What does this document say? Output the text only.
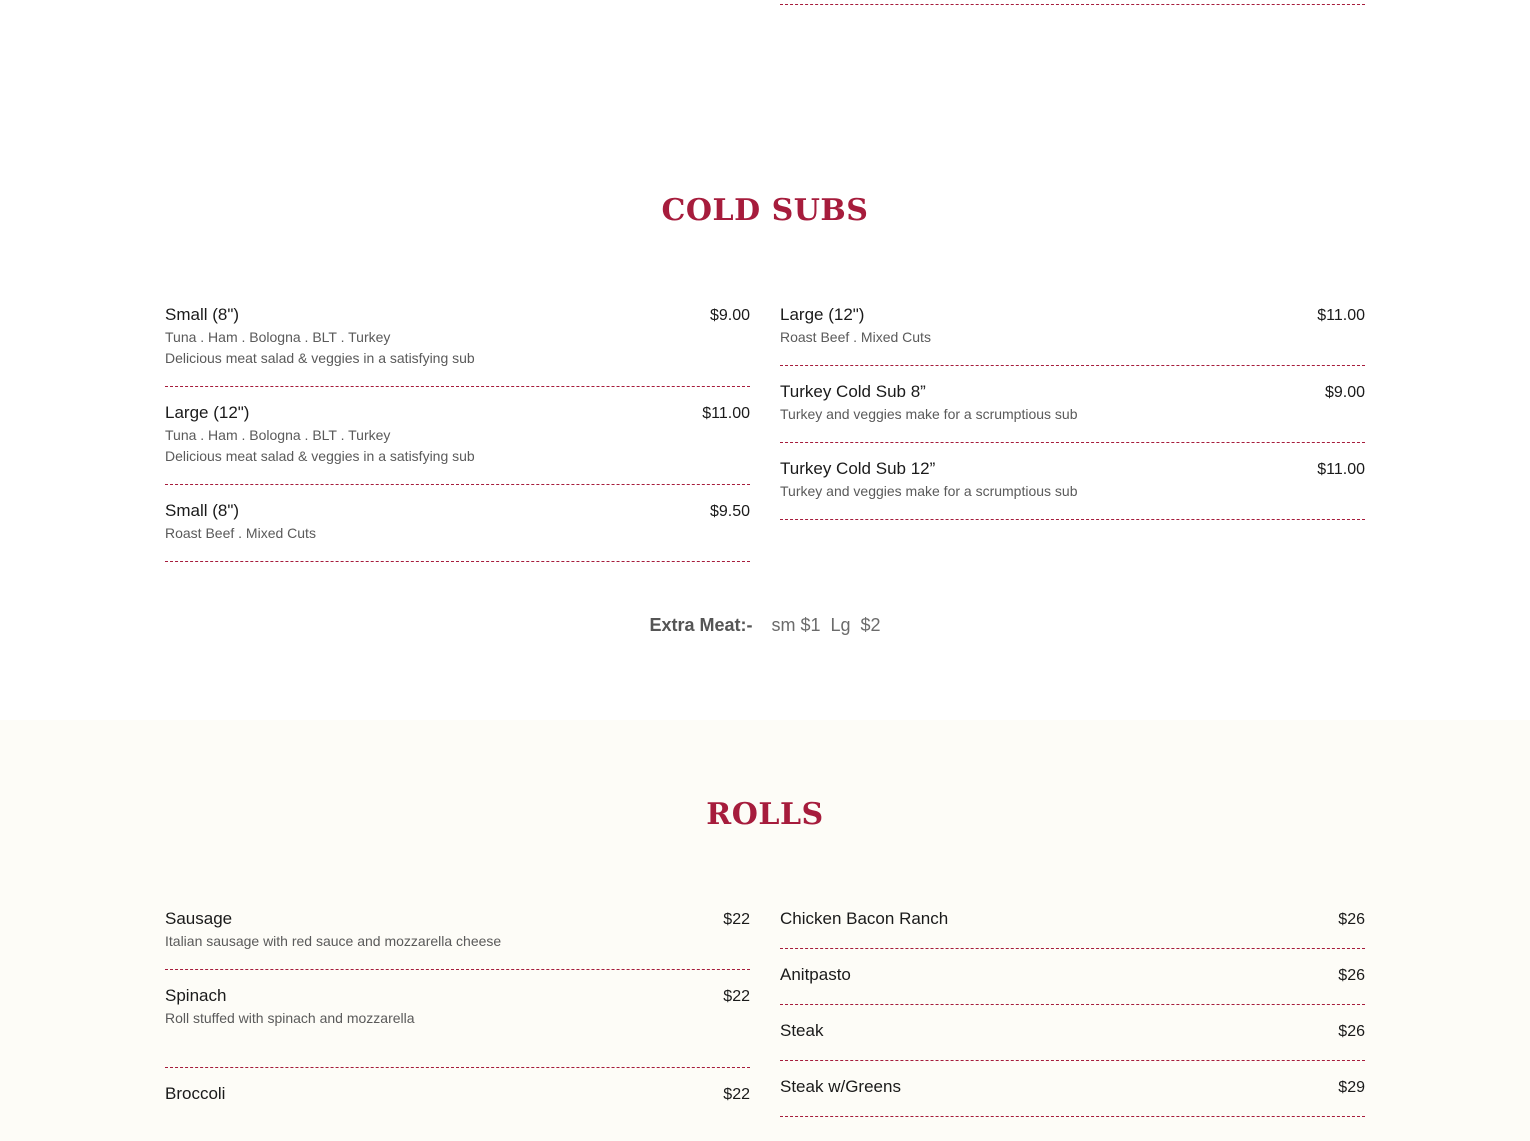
COLD SUBS
Small (8")	$9.00
Tuna . Ham . Bologna . BLT . Turkey
Delicious meat salad & veggies in a satisfying sub
Large (12")	$11.00
Tuna . Ham . Bologna . BLT . Turkey
Delicious meat salad & veggies in a satisfying sub
Small (8")	$9.50
Roast Beef . Mixed Cuts
Large (12")	$11.00
Roast Beef . Mixed Cuts
Turkey Cold Sub 8”	$9.00
Turkey and veggies make for a scrumptious sub
Turkey Cold Sub 12”	$11.00
Turkey and veggies make for a scrumptious sub
Extra Meat:- sm $1  Lg  $2
ROLLS
Sausage	$22
Italian sausage with red sauce and mozzarella cheese
Spinach	$22
Roll stuffed with spinach and mozzarella
Broccoli	$22
Chicken Bacon Ranch	$26
Anitpasto	$26
Steak	$26
Steak w/Greens	$29
